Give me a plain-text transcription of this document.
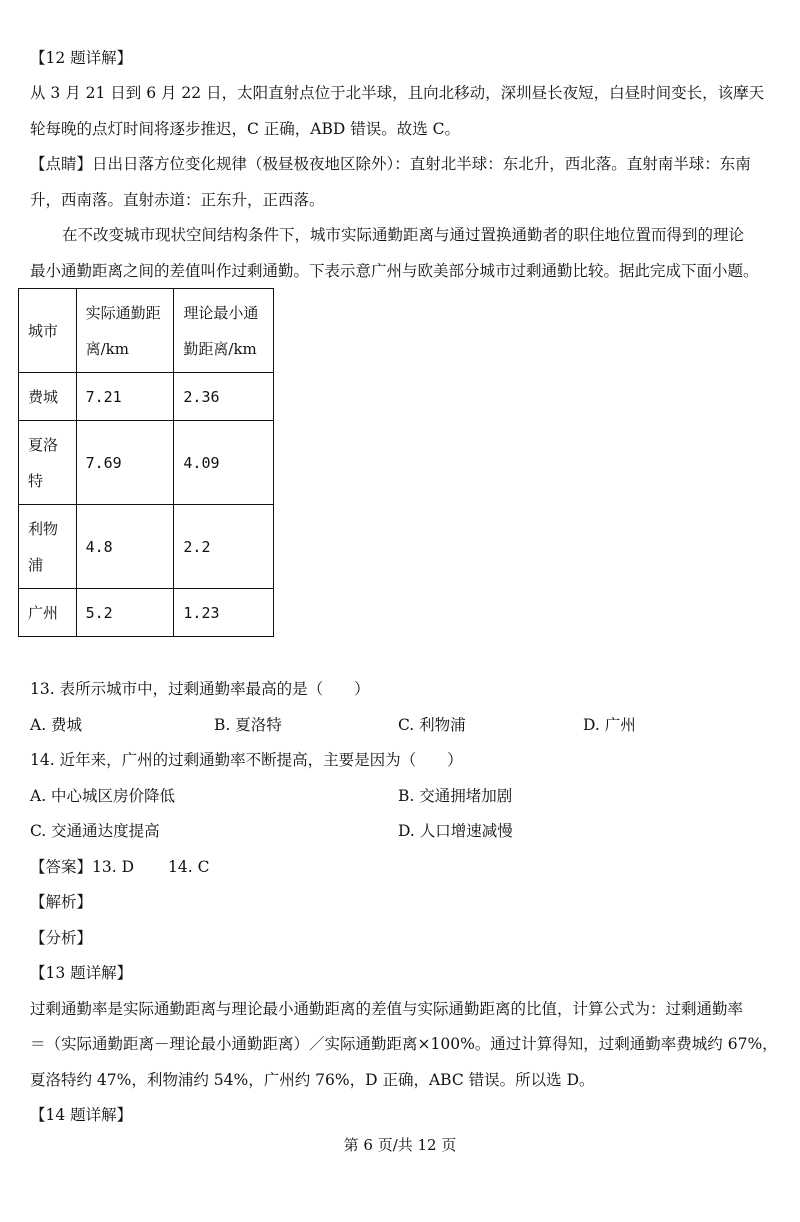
【12 题详解】
从 3 月 21 日到 6 月 22 日，太阳直射点位于北半球，且向北移动，深圳昼长夜短，白昼时间变长，该摩天
轮每晚的点灯时间将逐步推迟，C 正确，ABD 错误。故选 C。
【点睛】日出日落方位变化规律（极昼极夜地区除外）：直射北半球：东北升，西北落。直射南半球：东南
升，西南落。直射赤道：正东升，正西落。
在不改变城市现状空间结构条件下，城市实际通勤距离与通过置换通勤者的职住地位置而得到的理论
最小通勤距离之间的差值叫作过剩通勤。下表示意广州与欧美部分城市过剩通勤比较。据此完成下面小题。
城市	实际通勤距离/km	理论最小通勤距离/km
费城	7.21	2.36
夏洛特	7.69	4.09
利物浦	4.8	2.2
广州	5.2	1.23
13. 表所示城市中，过剩通勤率最高的是（　　）
A. 费城	B. 夏洛特	C. 利物浦	D. 广州
14. 近年来，广州的过剩通勤率不断提高，主要是因为（　　）
A. 中心城区房价降低	B. 交通拥堵加剧
C. 交通通达度提高	D. 人口增速减慢
【答案】13. D 14. C
【解析】
【分析】
【13 题详解】
过剩通勤率是实际通勤距离与理论最小通勤距离的差值与实际通勤距离的比值，计算公式为：过剩通勤率
＝（实际通勤距离－理论最小通勤距离）／实际通勤距离×100%。通过计算得知，过剩通勤率费城约 67%，
夏洛特约 47%，利物浦约 54%，广州约 76%，D 正确，ABC 错误。所以选 D。
【14 题详解】
第 6 页/共 12 页
